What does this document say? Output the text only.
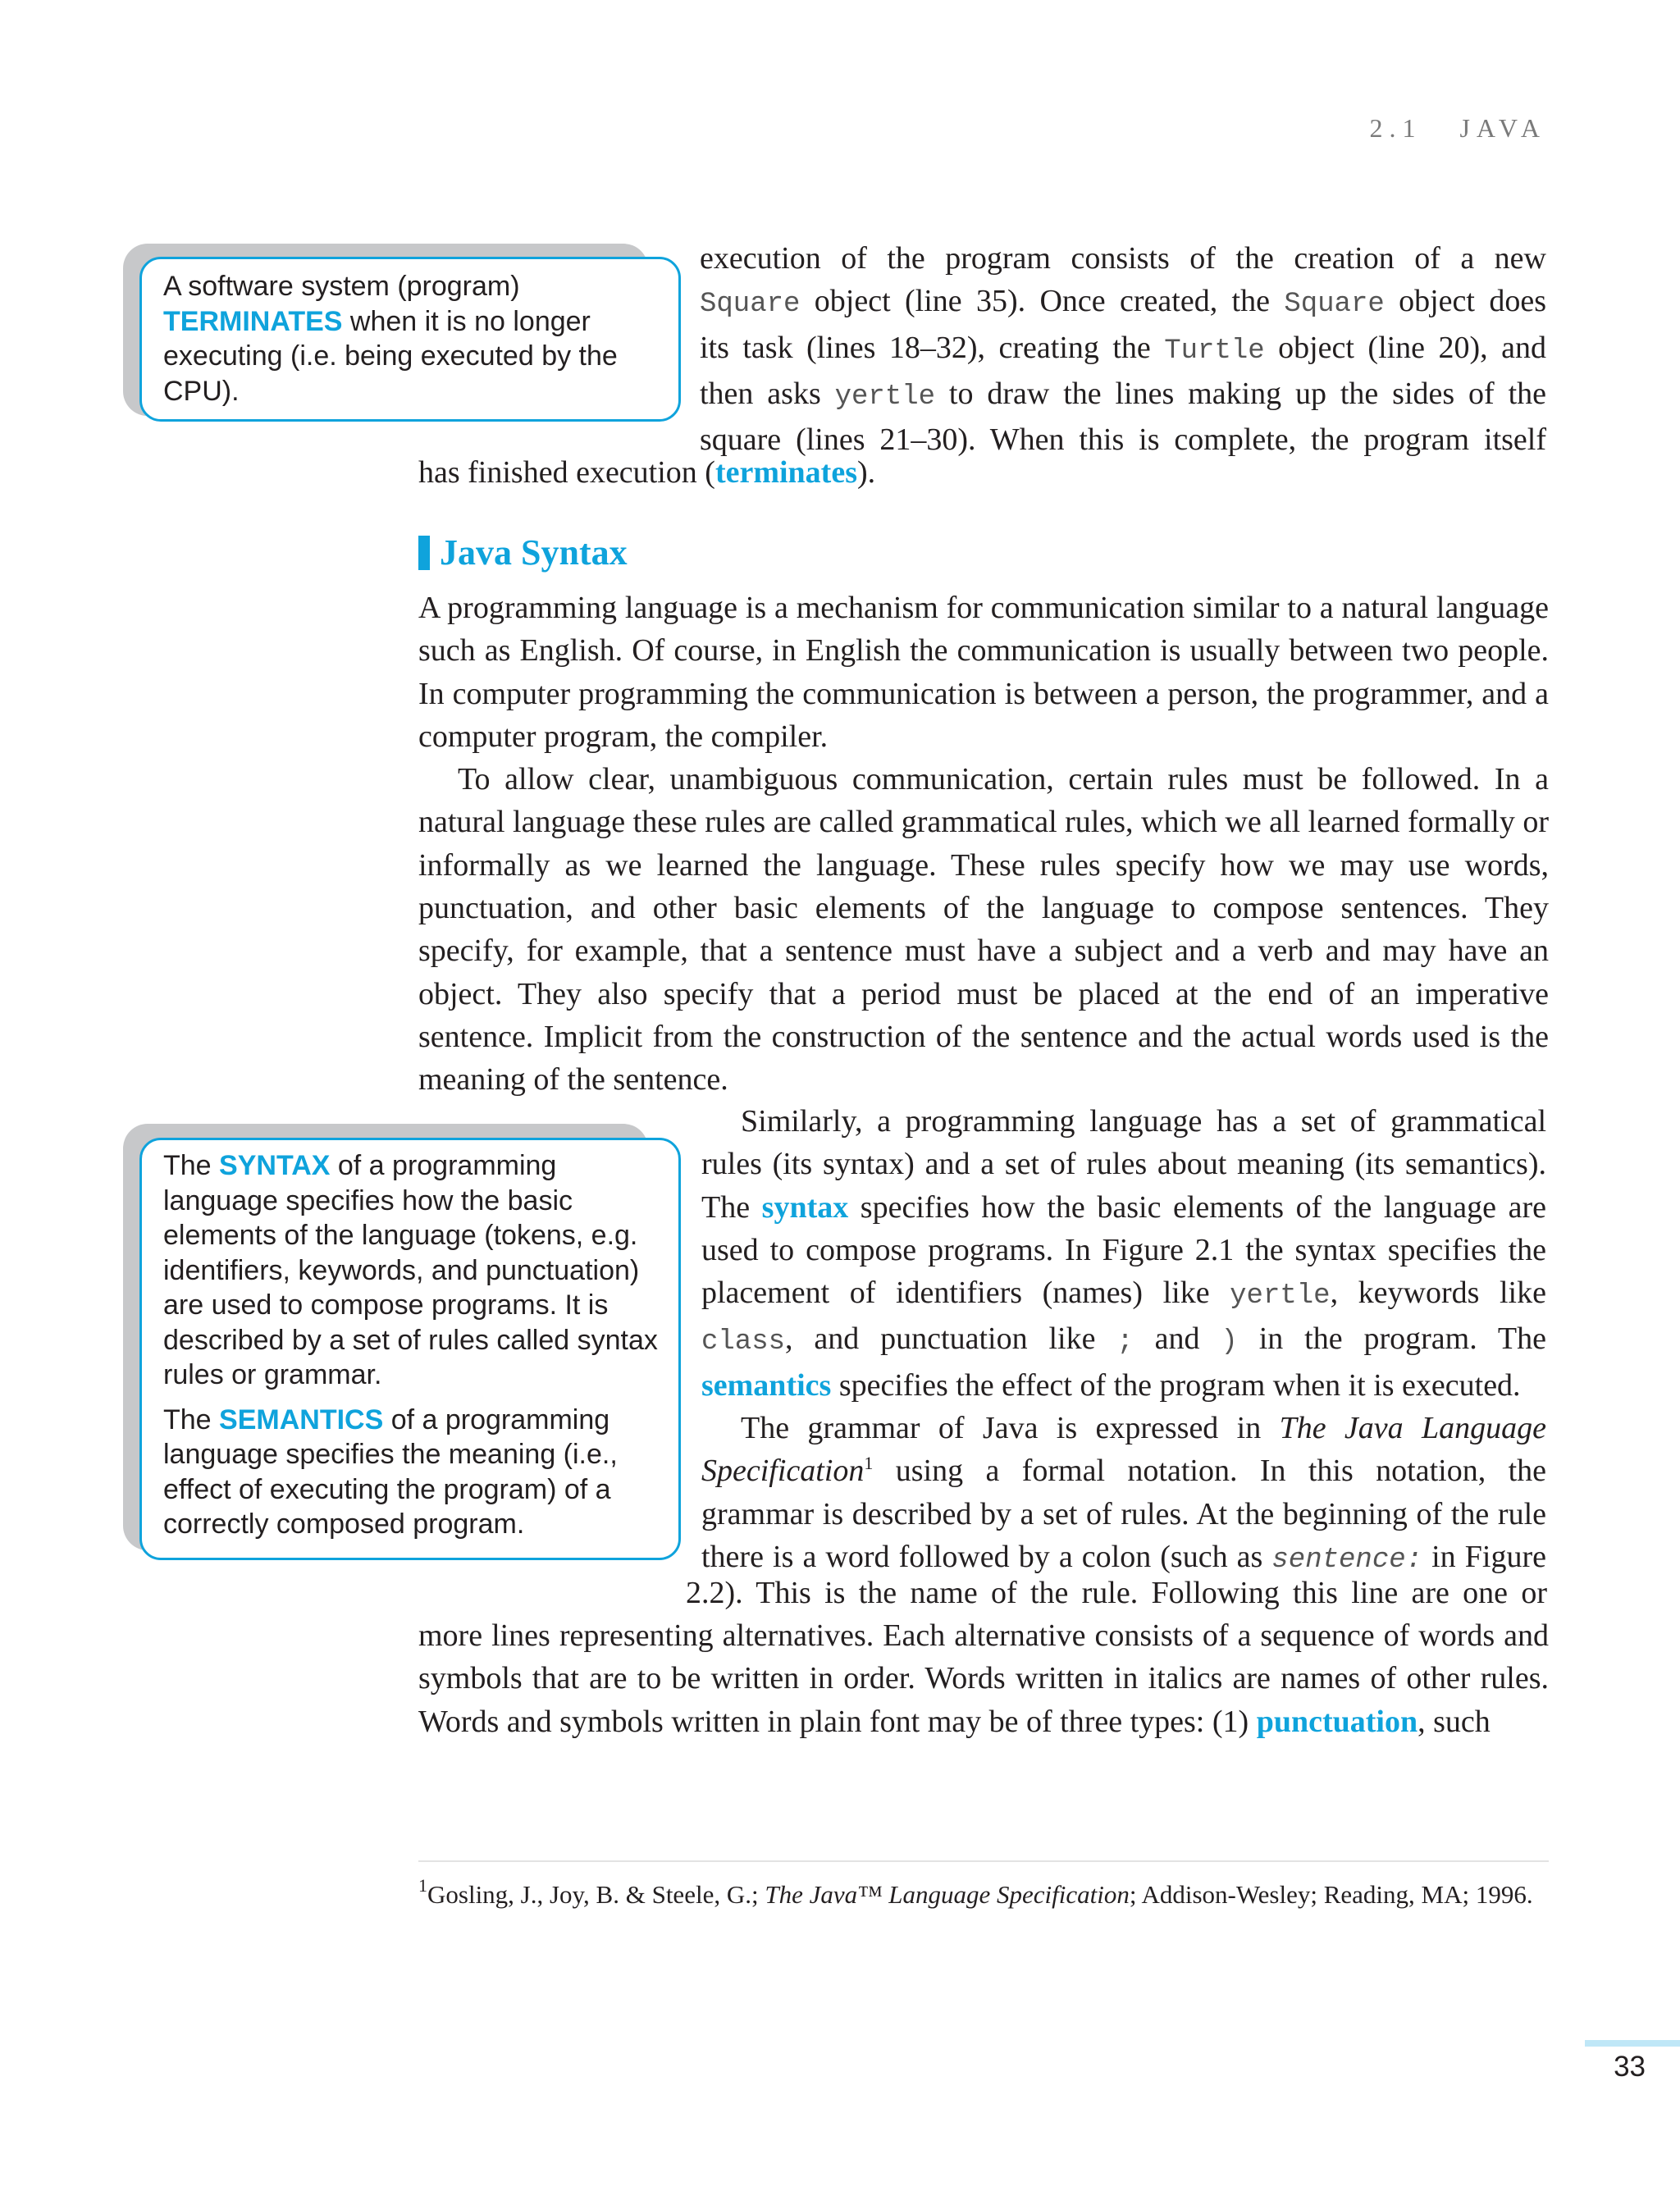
2.1 JAVA

A software system (program) TERMINATES when it is no longer executing (i.e. being executed by the CPU).

execution of the program consists of the creation of a new

Square object (line 35). Once created, the Square object does

its task (lines 18–32), creating the Turtle object (line 20), and

then asks yertle to draw the lines making up the sides of the

square (lines 21–30). When this is complete, the program itself

has finished execution (terminates).

Java Syntax

A programming language is a mechanism for communication similar to a natural language such as English. Of course, in English the communication is usually between two people. In computer programming the communication is between a person, the programmer, and a computer program, the compiler.

To allow clear, unambiguous communication, certain rules must be followed. In a natural language these rules are called grammatical rules, which we all learned formally or informally as we learned the language. These rules specify how we may use words, punctuation, and other basic elements of the language to compose sentences. They specify, for example, that a sentence must have a subject and a verb and may have an object. They also specify that a period must be placed at the end of an imperative sentence. Implicit from the construction of the sentence and the actual words used is the meaning of the sentence.

The SYNTAX of a programming language specifies how the basic elements of the language (tokens, e.g. identifiers, keywords, and punctuation) are used to compose programs. It is described by a set of rules called syntax rules or grammar.

The SEMANTICS of a programming language specifies the meaning (i.e., effect of executing the program) of a correctly composed program.

Similarly, a programming language has a set of grammatical rules (its syntax) and a set of rules about meaning (its semantics). The syntax specifies how the basic elements of the language are used to compose programs. In Figure 2.1 the syntax specifies the placement of identifiers (names) like yertle, keywords like class, and punctuation like ; and ) in the program. The semantics specifies the effect of the program when it is executed.

The grammar of Java is expressed in The Java Language Specification$^1$ using a formal notation. In this notation, the grammar is described by a set of rules. At the beginning of the rule there is a word followed by a colon (such as sentence: in Figure

2.2). This is the name of the rule. Following this line are one or

more lines representing alternatives. Each alternative consists of a sequence of words and symbols that are to be written in order. Words written in italics are names of other rules. Words and symbols written in plain font may be of three types: (1) punctuation, such

$^1$Gosling, J., Joy, B. & Steele, G.; The Java™ Language Specification; Addison-Wesley; Reading, MA; 1996.
33
